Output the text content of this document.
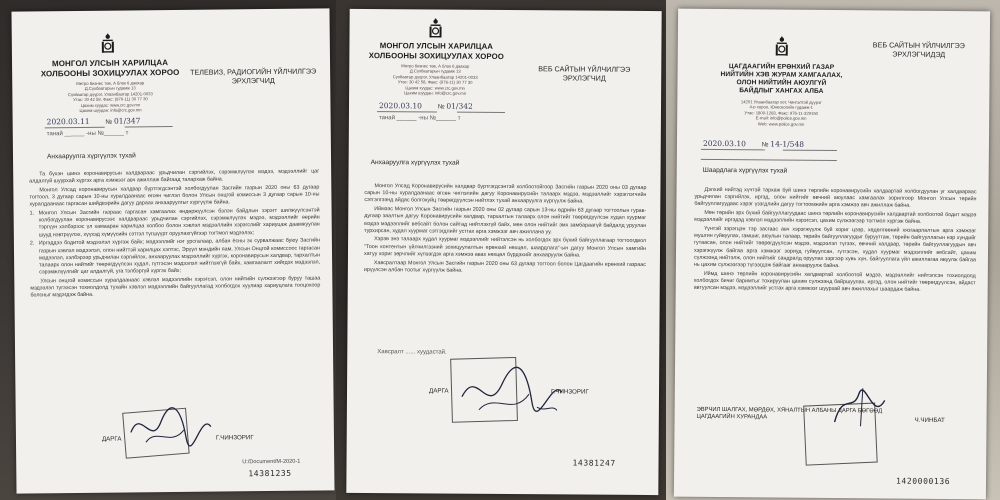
МОНГОЛ УЛСЫН ХАРИЛЦАА
ХОЛБООНЫ ЗОХИЦУУЛАХ ХОРОО
Метро бизнес төв, А блок 6 давхар
Д.Сүхбаатарын гудамж 13
Сүхбаатар дүүрэг, Улаанбаатар 14201-0033
Утас: 30 42 58, Факс: (976-11) 30 77 30
Цахим хуудас: www.crc.gov.mn
Цахим шуудан: info@crc.gov.mn
ТЕЛЕВИЗ, РАДИОГИЙН ҮЙЛЧИЛГЭЭ
ЭРХЛЭГЧИД
2020.03.11 № 01/347
танай ______ -ны №______ т
Анхааруулга хүргүүлэх тухай

Та бүхэн шинэ коронавирусын халдвараас урьдчилан сэргийлэх, сэрэмжлүүлэх мэдээ, мэдээллийг цаг алдалгүй шуурхай хүргэх арга хэмжээг авч ажиллаж байгаад талархаж байна.

Монгол Улсад коронавирусын халдвар бүртгэгдсэнтэй холбогдуулан Засгийн газрын 2020 оны 63 дугаар тогтоол, 3 дугаар сарын 10-ны хуралдаанаас өгсөн чиглэл болон Улсын онцгой комиссын 3 дугаар сарын 10-ны хуралдаанаас гаргасан шийдвэрийн дагуу дараах анхааруулгыг хүргүүлж байна.

1. Монгол Улсын Засгийн газраас гаргасан хамгаалах өндөржүүлсэн бэлэн байдлын зэрэгт шилжүүлсэнтэй холбогдуулан коронавирусээс халдвараас урьдчилан сэргийлэх, сэрэмжлүүлэх мэдээ, мэдээллийг өөрийн тэргүүн хэлбэрээс үл хамааран харилцаа холбоо болон хэвлэл мэдээллийн хэрэгслийг хариуцаж даамжуулан шууд нэвтрүүлэх, хүүхэд хүмүүсийн сэтгэл түгшүүрт оруулахгүйгээр тогтмол мэдээлэх;

2. Иргэддээ бодитой мэдээлэл хүргэж байх; мэдээллийг нэг урсгалаар, албан ёсны эх сурвалжаас буюу Засгийн газрын хэвлэл мэдээлэл, олон нийттэй харилцах хэлтэс, Эрүүл мэндийн яам, Улсын Онцгой комиссоос гаргасан мэдээлэл, хэлбэрээр урьдчилан сэргийлэх, анхааруулах мэдээллийг хүргэх, коронавирусын халдвар, тархалтын талаарх олон нийтийг төөрөгдүүлсэн худал, гүтгэсэн мэдээлэл нийтлэхгүй байх, хамгаалалт хийгдэх мэдээлэл, сэрэмжлүүлгийг цаг алдалгүй, уга тэлбэргүй хүргэх байх;

Улсын онцгой комиссын хуралдаанаас хэвлэл мэдээллийн хэрэгсэл, олон нийтийн сүлжээгээр буруу ташаа мэдээлэл түгээсэн тохиолдолд тухайн хэвлэл мэдээллийн байгууллагад холбогдох хуулиар хариуцлага тооцохоор болсныг мэдэгдэж байна.

ДАРГА	Г.ЧИНЗОРИГ
U:/Document/M-2020-1
14381235
МОНГОЛ УЛСЫН ХАРИЛЦАА
ХОЛБООНЫ ЗОХИЦУУЛАХ ХОРОО
Метро бизнес төв, А блок 6 давхар
Д.Сүхбаатарын гудамж 13
Сүхбаатар дүүрэг, Улаанбаатар 14201-0033
Утас: 30 42 58, Факс: (976-11) 30 77 30
Цахим хуудас: www.crc.gov.mn
Цахим шуудан: info@crc.gov.mn
ВЕБ САЙТЫН ҮЙЛЧИЛГЭЭ
ЭРХЛЭГЧИД
2020.03.10 № 01/342
танай ______ -ны №______ т
Анхааруулга хүргүүлэх тухай

Монгол Улсад Коронавирусийн халдвар бүртгэгдсэнтэй холбоотойгоор Засгийн газрын 2020 оны 03 дугаар сарын 10-ны хуралдаанаас өгсөн чиглэлийн дагуу Коронавирусийн талаарх мэдээ, мэдээллийг хэрэглэгчийн сэтгэлгээнд айдас болгохуйц төөрөгдүүлсэн нийтлэх тухай анхааруулга хүргүүлж байна.

Иймээс Монгол Улсын Засгийн газрын 2020 оны 02 дугаар сарын 13-ны өдрийн 63 дугаар тогтоолын гурав-дугаар заалтын дагуу Коронавирусийн халдвар, тархалтын талаарх олон нийтийг төөрөгдүүлсэн худал хуурмаг мэдээ мэдээллийг вебсайт болон сайтад нийтлэхгүй байх, мөн олон нийтийг эмх замбараагүй байдалд уруулан турхирсан, худал хуурмаг сэтгэгдлийг устгах арга хэмжээг авч ажиллана уу.

Хэрэв энэ талаарх худал хуурмаг мэдээллийг нийтэлсэн нь холбогдох эрх бүхий байгууллагаар тогтоогдвол "Тоон контентын үйлчилгээний зохицуулалтын ерөнхий нөхцөл, шаардлага"-ын дагуу Монгол Улсын хамгийн хатуу хориг зөрчлийг хүлээгдэх арга хэмжээ авах нөхцөл бүрдэхийг анхааруулж байна.

Хавсралтаар Монгол Улсын Засгийн газрын 2020 оны 63 дугаар тогтоол болон Цагдаагийн ерөнхий газраас ирүүлсэн албан тоотыг хүргүүлж байна.

Хавсралт ...... хуудастай.
ДАРГА	Г.ЧИНЗОРИГ
14381247
ВЕБ САЙТЫН ҮЙЛЧИЛГЭЭ ЭРХЛЭГЧИДЭД
ЦАГДААГИЙН ЕРӨНХИЙ ГАЗАР
НИЙТИЙН ХЭВ ЖУРАМ ХАМГААЛАХ,
ОЛОН НИЙТИЙН АЮУЛГҮЙ
БАЙДЛЫГ ХАНГАХ АЛБА
14201 Улаанбаатар хот, Чингэлтэй дүүрэг
4-р хороо, Юнескогийн гудамж-1
Утас: 1800-1283, Факс: 976-11-329150
E-mail: info@police.gov.mn
Web: www.police.gov.mn
2020.03.10 № 14-1/548
Шаардлага хүргүүлэх тухай

Дэлхий нийтэд хүчтэй тархаж буй шинэ төрлийн коронавирусийн халдвартай холбогдуулан уг халдвараас урьдчилан сэргийлэх, иргэд, олон нийтийг өвчний аюулаас хамгаалах зорилгоор Монгол Улсын төрийн байгууллагуудаас хэрэг үзэгдлийн дагуу тогтоомжийн арга хэмжээ авч ажиллаж байна.

Мөн төрийн эрх бүхий байгууллагуудаас шинэ төрлийн коронавирусийн халдвартай холбоотой бодит мэдээ мэдээллийг иргэдэд хэвлэл мэдээллийн хэрэгсэл, цахим сүлжээгээр тогтмол хүргэж байна.

Үүнтэй зэрэгцэн тэр засгаас авч хэрэгжүүлж буй хориг цээр, хөдөлгөөний хязгаарлалтын арга хэмжээг мушгин гуйвуулах, гамшиг, аюулын талаар, төрийн байгууллагуудыг буруутгаж, төрийн байгууллагын нэр хүндийг гутаасан, олон нийтийг төөрөгдүүлсэн мэдээ, мэдээлэл түгээх, өвчний халдвар, төрийн байгууллагуудын авч хэрэгжүүлж байгаа арга хэмжээг зориуд гуйвуулсан, гүтгэсэн, худал хуурмаг мэдээллийг вебсайт, цахим сүлжээнд нийтэлж, олон нийтийг сандралд оруулах зэргээр хувь хүн, байгууллага үйл ажиллагаа явуулж байгаа нь цахим сүлжээгээр түгээгдэж байгааг анхааруулж байна.

Иймд шинэ төрлийн коронавирусийн халдвартай холбоотой мэдээ, мэдээллийг нийтэлсэн тохиолдолд холбогдох бичиг баримтыг тохируулан цахим сүлжээнд байршуулах, иргэд, олон нийтийг төөрөгдүүлсэн, айдаст автуулсан мэдээ, мэдээллийг устгах арга хэмжээг шуурхай авч ажиллахыг шаардаж байна.

ЭВРЧИЛ ШАЛГАХ, МӨРДӨХ, ХЯНАЛТЫН АЛБАНЫ ДАРГА БӨГӨӨД ЦАГДААГИЙН ХУРАНДАА	Ч.ЧИНБАТ
1420000136
